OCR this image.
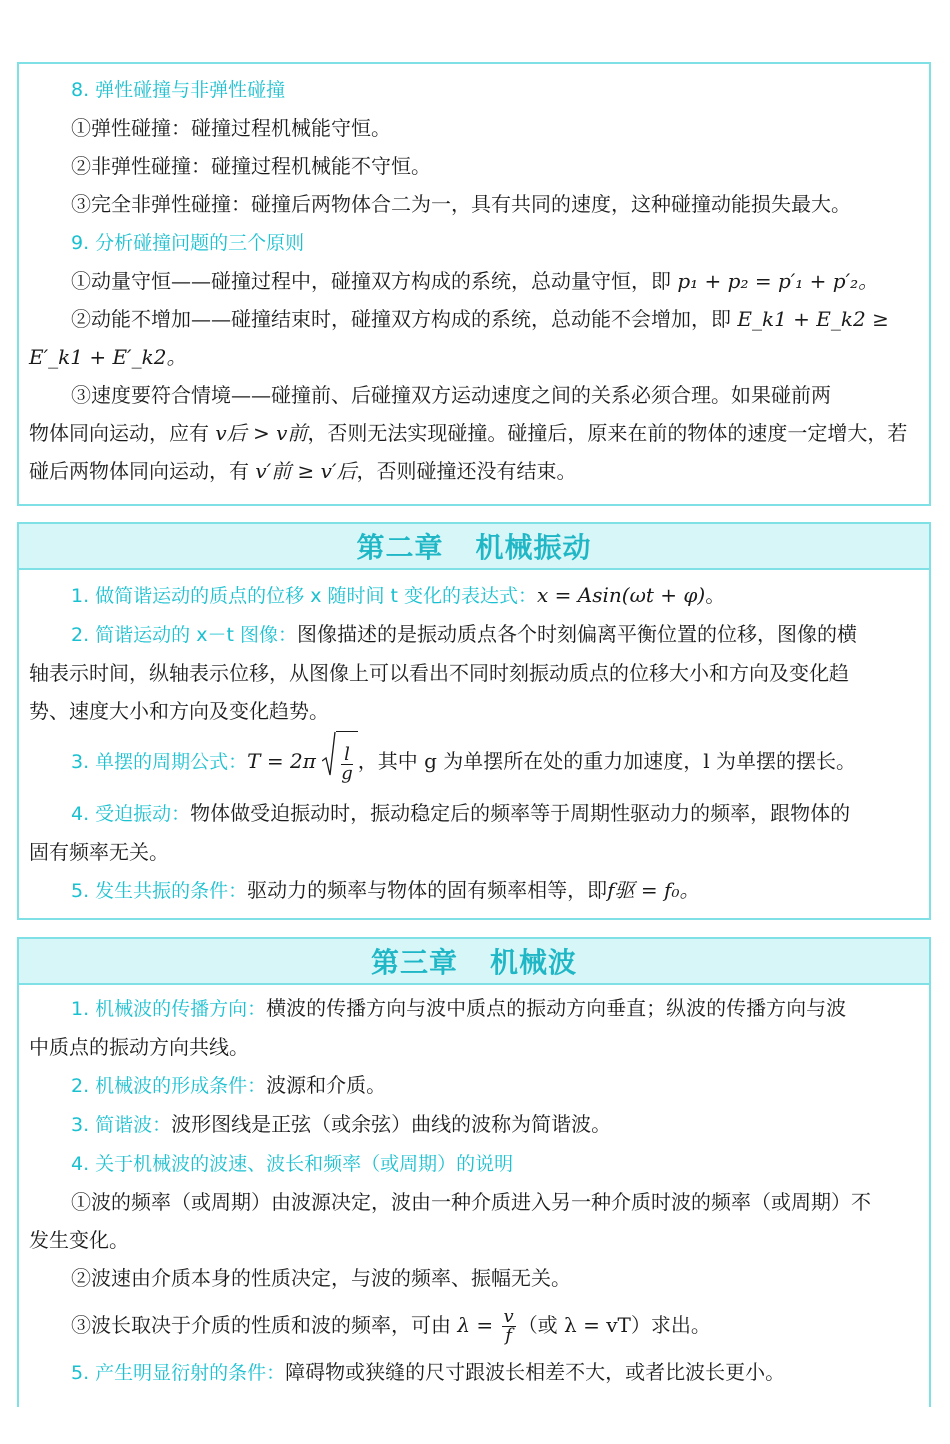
8. 弹性碰撞与非弹性碰撞
①弹性碰撞：碰撞过程机械能守恒。
②非弹性碰撞：碰撞过程机械能不守恒。
③完全非弹性碰撞：碰撞后两物体合二为一，具有共同的速度，这种碰撞动能损失最大。
9. 分析碰撞问题的三个原则
①动量守恒——碰撞过程中，碰撞双方构成的系统，总动量守恒，即 p₁ + p₂ = p′₁ + p′₂。
②动能不增加——碰撞结束时，碰撞双方构成的系统，总动能不会增加，即 E_k1 + E_k2 ≥
E′_k1 + E′_k2。
③速度要符合情境——碰撞前、后碰撞双方运动速度之间的关系必须合理。如果碰前两
物体同向运动，应有 v后 > v前，否则无法实现碰撞。碰撞后，原来在前的物体的速度一定增大，若
碰后两物体同向运动，有 v′前 ≥ v′后，否则碰撞还没有结束。
第二章 机械振动
1. 做简谐运动的质点的位移 x 随时间 t 变化的表达式：x = Asin(ωt + φ)。
2. 简谐运动的 x－t 图像：图像描述的是振动质点各个时刻偏离平衡位置的位移，图像的横
轴表示时间，纵轴表示位移，从图像上可以看出不同时刻振动质点的位移大小和方向及变化趋
势、速度大小和方向及变化趋势。
3. 单摆的周期公式：$T = 2\pi \frac{l}{g}$ ，其中 g 为单摆所在处的重力加速度，l 为单摆的摆长。
4. 受迫振动：物体做受迫振动时，振动稳定后的频率等于周期性驱动力的频率，跟物体的
固有频率无关。
5. 发生共振的条件：驱动力的频率与物体的固有频率相等，即f驱 = f₀。
第三章 机械波
1. 机械波的传播方向：横波的传播方向与波中质点的振动方向垂直；纵波的传播方向与波
中质点的振动方向共线。
2. 机械波的形成条件：波源和介质。
3. 简谐波：波形图线是正弦（或余弦）曲线的波称为简谐波。
4. 关于机械波的波速、波长和频率（或周期）的说明
①波的频率（或周期）由波源决定，波由一种介质进入另一种介质时波的频率（或周期）不
发生变化。
②波速由介质本身的性质决定，与波的频率、振幅无关。
③波长取决于介质的性质和波的频率，可由 $\lambda = \frac{v}{f}$ （或 λ = vT）求出。
5. 产生明显衍射的条件：障碍物或狭缝的尺寸跟波长相差不大，或者比波长更小。
